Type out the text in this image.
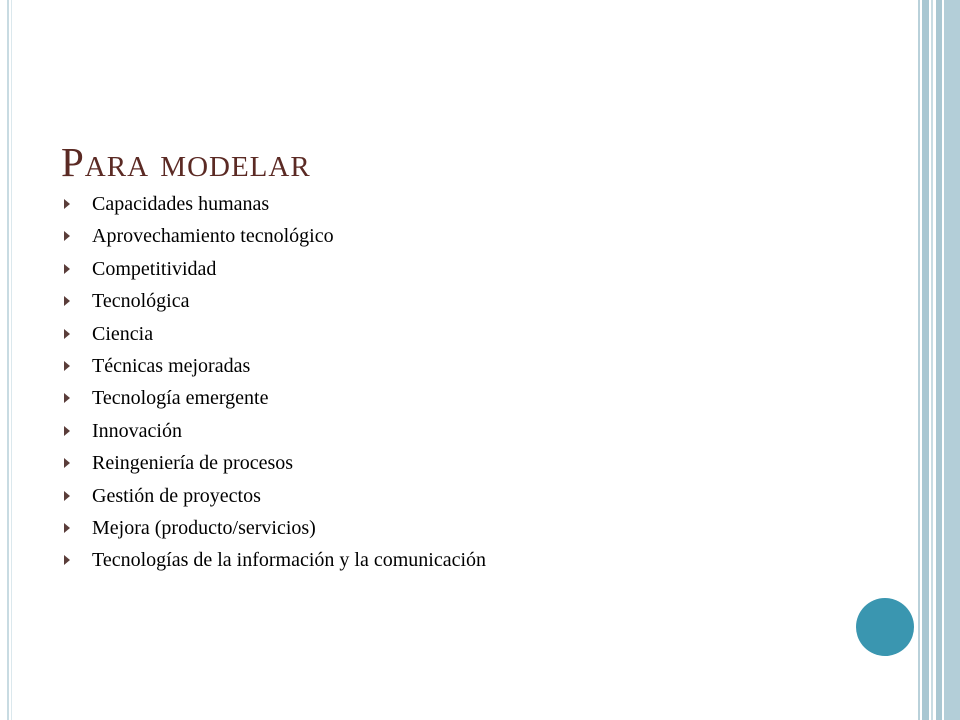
Para modelar
Capacidades humanas
Aprovechamiento tecnológico
Competitividad
Tecnológica
Ciencia
Técnicas mejoradas
Tecnología emergente
Innovación
Reingeniería de procesos
Gestión de proyectos
Mejora (producto/servicios)
Tecnologías de la información y la comunicación
